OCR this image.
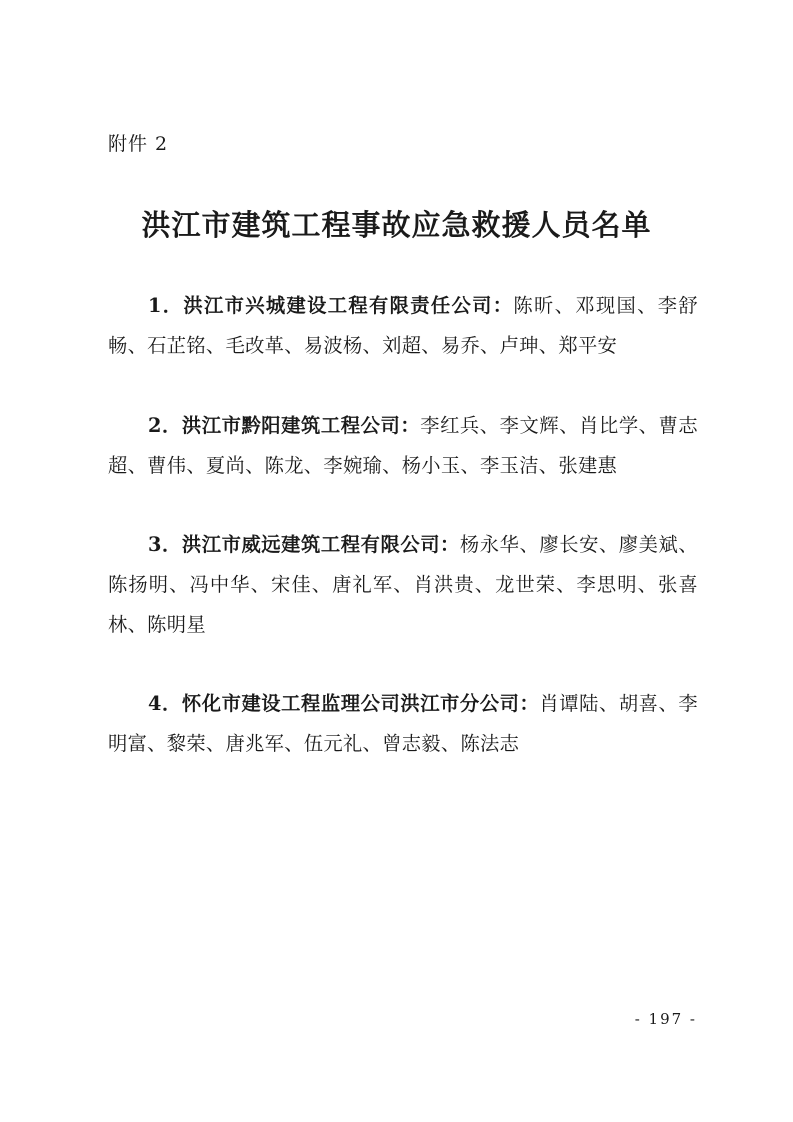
附件 2
洪江市建筑工程事故应急救援人员名单

1．洪江市兴城建设工程有限责任公司：陈昕、邓现国、李舒畅、石芷铭、毛改革、易波杨、刘超、易乔、卢珅、郑平安

2．洪江市黔阳建筑工程公司：李红兵、李文辉、肖比学、曹志超、曹伟、夏尚、陈龙、李婉瑜、杨小玉、李玉洁、张建惠

3．洪江市威远建筑工程有限公司：杨永华、廖长安、廖美斌、陈扬明、冯中华、宋佳、唐礼军、肖洪贵、龙世荣、李思明、张喜林、陈明星

4．怀化市建设工程监理公司洪江市分公司：肖谭陆、胡喜、李明富、黎荣、唐兆军、伍元礼、曾志毅、陈法志

- 197 -
